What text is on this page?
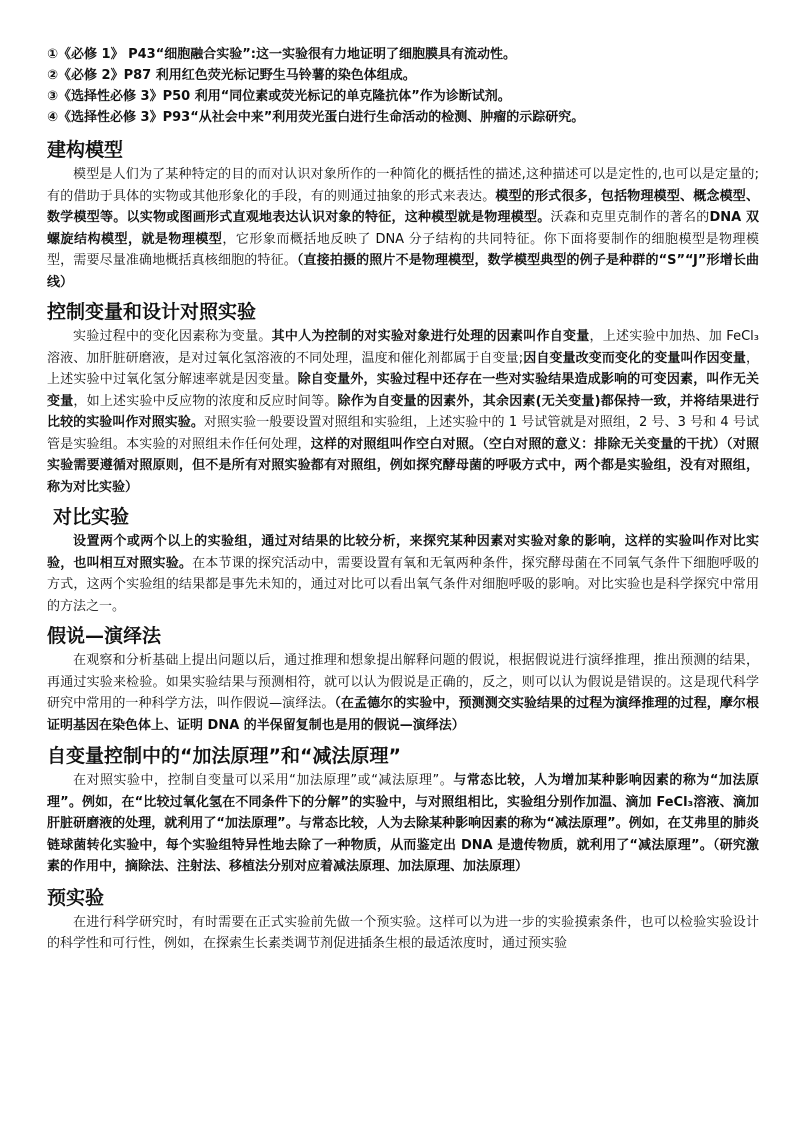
①《必修 1》 P43“细胞融合实验”:这一实验很有力地证明了细胞膜具有流动性。

②《必修 2》P87 利用红色荧光标记野生马铃薯的染色体组成。

③《选择性必修 3》P50 利用“同位素或荧光标记的单克隆抗体”作为诊断试剂。

④《选择性必修 3》P93“从社会中来”利用荧光蛋白进行生命活动的检测、肿瘤的示踪研究。

建构模型

模型是人们为了某种特定的目的而对认识对象所作的一种简化的概括性的描述,这种描述可以是定性的,也可以是定量的;有的借助于具体的实物或其他形象化的手段，有的则通过抽象的形式来表达。模型的形式很多，包括物理模型、概念模型、数学模型等。以实物或图画形式直观地表达认识对象的特征，这种模型就是物理模型。沃森和克里克制作的著名的DNA 双螺旋结构模型，就是物理模型，它形象而概括地反映了 DNA 分子结构的共同特征。你下面将要制作的细胞模型是物理模型，需要尽量准确地概括真核细胞的特征。（直接拍摄的照片不是物理模型，数学模型典型的例子是种群的“S”“J”形增长曲线）

控制变量和设计对照实验

实验过程中的变化因素称为变量。其中人为控制的对实验对象进行处理的因素叫作自变量，上述实验中加热、加 FeCl₃溶液、加肝脏研磨液，是对过氧化氢溶液的不同处理，温度和催化剂都属于自变量;因自变量改变而变化的变量叫作因变量，上述实验中过氧化氢分解速率就是因变量。除自变量外，实验过程中还存在一些对实验结果造成影响的可变因素，叫作无关变量，如上述实验中反应物的浓度和反应时间等。除作为自变量的因素外，其余因素(无关变量)都保持一致，并将结果进行比较的实验叫作对照实验。对照实验一般要设置对照组和实验组，上述实验中的 1 号试管就是对照组，2 号、3 号和 4 号试管是实验组。本实验的对照组未作任何处理，这样的对照组叫作空白对照。（空白对照的意义：排除无关变量的干扰）（对照实验需要遵循对照原则，但不是所有对照实验都有对照组，例如探究酵母菌的呼吸方式中，两个都是实验组，没有对照组，称为对比实验）

对比实验

设置两个或两个以上的实验组，通过对结果的比较分析，来探究某种因素对实验对象的影响，这样的实验叫作对比实验，也叫相互对照实验。在本节课的探究活动中，需要设置有氧和无氧两种条件，探究酵母菌在不同氧气条件下细胞呼吸的方式，这两个实验组的结果都是事先未知的，通过对比可以看出氧气条件对细胞呼吸的影响。对比实验也是科学探究中常用的方法之一。

假说—演绎法

在观察和分析基础上提出问题以后，通过推理和想象提出解释问题的假说，根据假说进行演绎推理，推出预测的结果，再通过实验来检验。如果实验结果与预测相符，就可以认为假说是正确的，反之，则可以认为假说是错误的。这是现代科学研究中常用的一种科学方法，叫作假说—演绎法。（在孟德尔的实验中，预测测交实验结果的过程为演绎推理的过程，摩尔根证明基因在染色体上、证明 DNA 的半保留复制也是用的假说—演绎法）

自变量控制中的“加法原理”和“减法原理”

在对照实验中，控制自变量可以采用“加法原理”或“减法原理”。与常态比较，人为增加某种影响因素的称为“加法原理”。例如，在“比较过氧化氢在不同条件下的分解”的实验中，与对照组相比，实验组分别作加温、滴加 FeCl₃溶液、滴加肝脏研磨液的处理，就利用了“加法原理”。与常态比较，人为去除某种影响因素的称为“减法原理”。例如，在艾弗里的肺炎链球菌转化实验中，每个实验组特异性地去除了一种物质，从而鉴定出 DNA 是遗传物质，就利用了“减法原理”。（研究激素的作用中，摘除法、注射法、移植法分别对应着减法原理、加法原理、加法原理）

预实验

在进行科学研究时，有时需要在正式实验前先做一个预实验。这样可以为进一步的实验摸索条件，也可以检验实验设计的科学性和可行性，例如，在探索生长素类调节剂促进插条生根的最适浓度时，通过预实验
